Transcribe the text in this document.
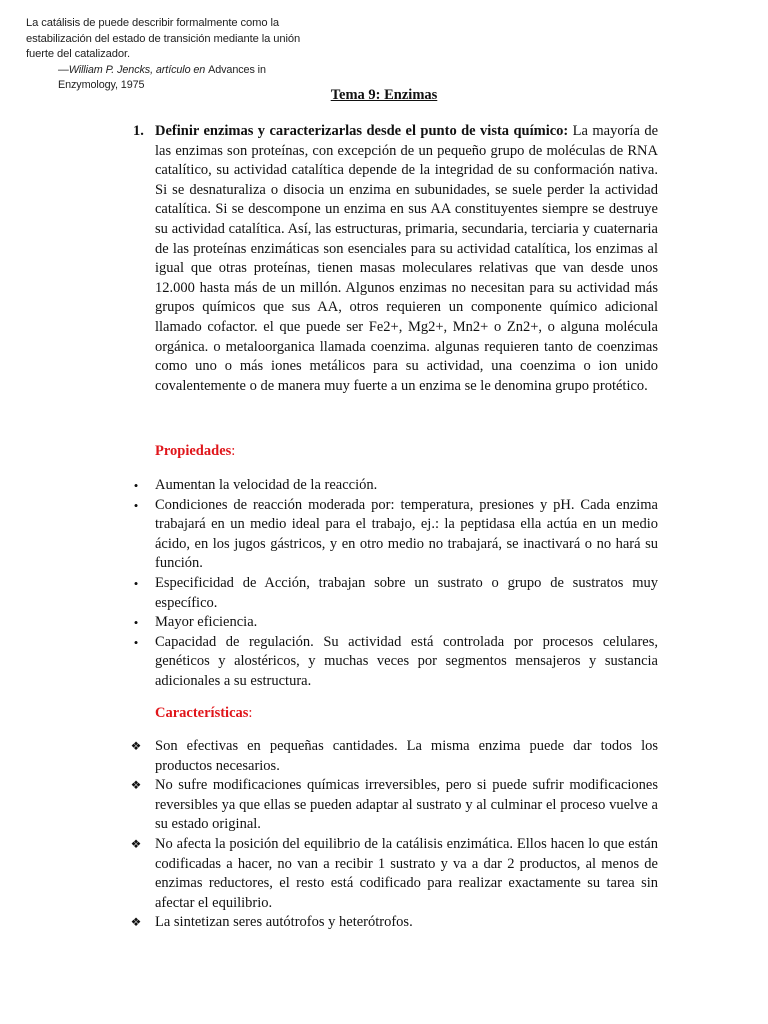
La catálisis de puede describir formalmente como la
estabilización del estado de transición mediante la unión
fuerte del catalizador.
—William P. Jencks, artículo en Advances in Enzymology, 1975
Tema 9: Enzimas
1. Definir enzimas y caracterizarlas desde el punto de vista químico: La mayoría de las enzimas son proteínas, con excepción de un pequeño grupo de moléculas de RNA catalítico, su actividad catalítica depende de la integridad de su conformación nativa. Si se desnaturaliza o disocia un enzima en subunidades, se suele perder la actividad catalítica. Si se descompone un enzima en sus AA constituyentes siempre se destruye su actividad catalítica. Así, las estructuras, primaria, secundaria, terciaria y cuaternaria de las proteínas enzimáticas son esenciales para su actividad catalítica, los enzimas al igual que otras proteínas, tienen masas moleculares relativas que van desde unos 12.000 hasta más de un millón. Algunos enzimas no necesitan para su actividad más grupos químicos que sus AA, otros requieren un componente químico adicional llamado cofactor. el que puede ser Fe2+, Mg2+, Mn2+ o Zn2+, o alguna molécula orgánica. o metaloorganica llamada coenzima. algunas requieren tanto de coenzimas como uno o más iones metálicos para su actividad, una coenzima o ion unido covalentemente o de manera muy fuerte a un enzima se le denomina grupo protético.
Propiedades:
•	Aumentan la velocidad de la reacción.
•	Condiciones de reacción moderada por: temperatura, presiones y pH. Cada enzima trabajará en un medio ideal para el trabajo, ej.: la peptidasa ella actúa en un medio ácido, en los jugos gástricos, y en otro medio no trabajará, se inactivará o no hará su función.
•	Especificidad de Acción, trabajan sobre un sustrato o grupo de sustratos muy específico.
•	Mayor eficiencia.
•	Capacidad de regulación. Su actividad está controlada por procesos celulares, genéticos y alostéricos, y muchas veces por segmentos mensajeros y sustancia adicionales a su estructura.
Características:
❖ Son efectivas en pequeñas cantidades. La misma enzima puede dar todos los productos necesarios.
❖ No sufre modificaciones químicas irreversibles, pero si puede sufrir modificaciones reversibles ya que ellas se pueden adaptar al sustrato y al culminar el proceso vuelve a su estado original.
❖ No afecta la posición del equilibrio de la catálisis enzimática. Ellos hacen lo que están codificadas a hacer, no van a recibir 1 sustrato y va a dar 2 productos, al menos de enzimas reductores, el resto está codificado para realizar exactamente su tarea sin afectar el equilibrio.
❖ La sintetizan seres autótrofos y heterótrofos.
